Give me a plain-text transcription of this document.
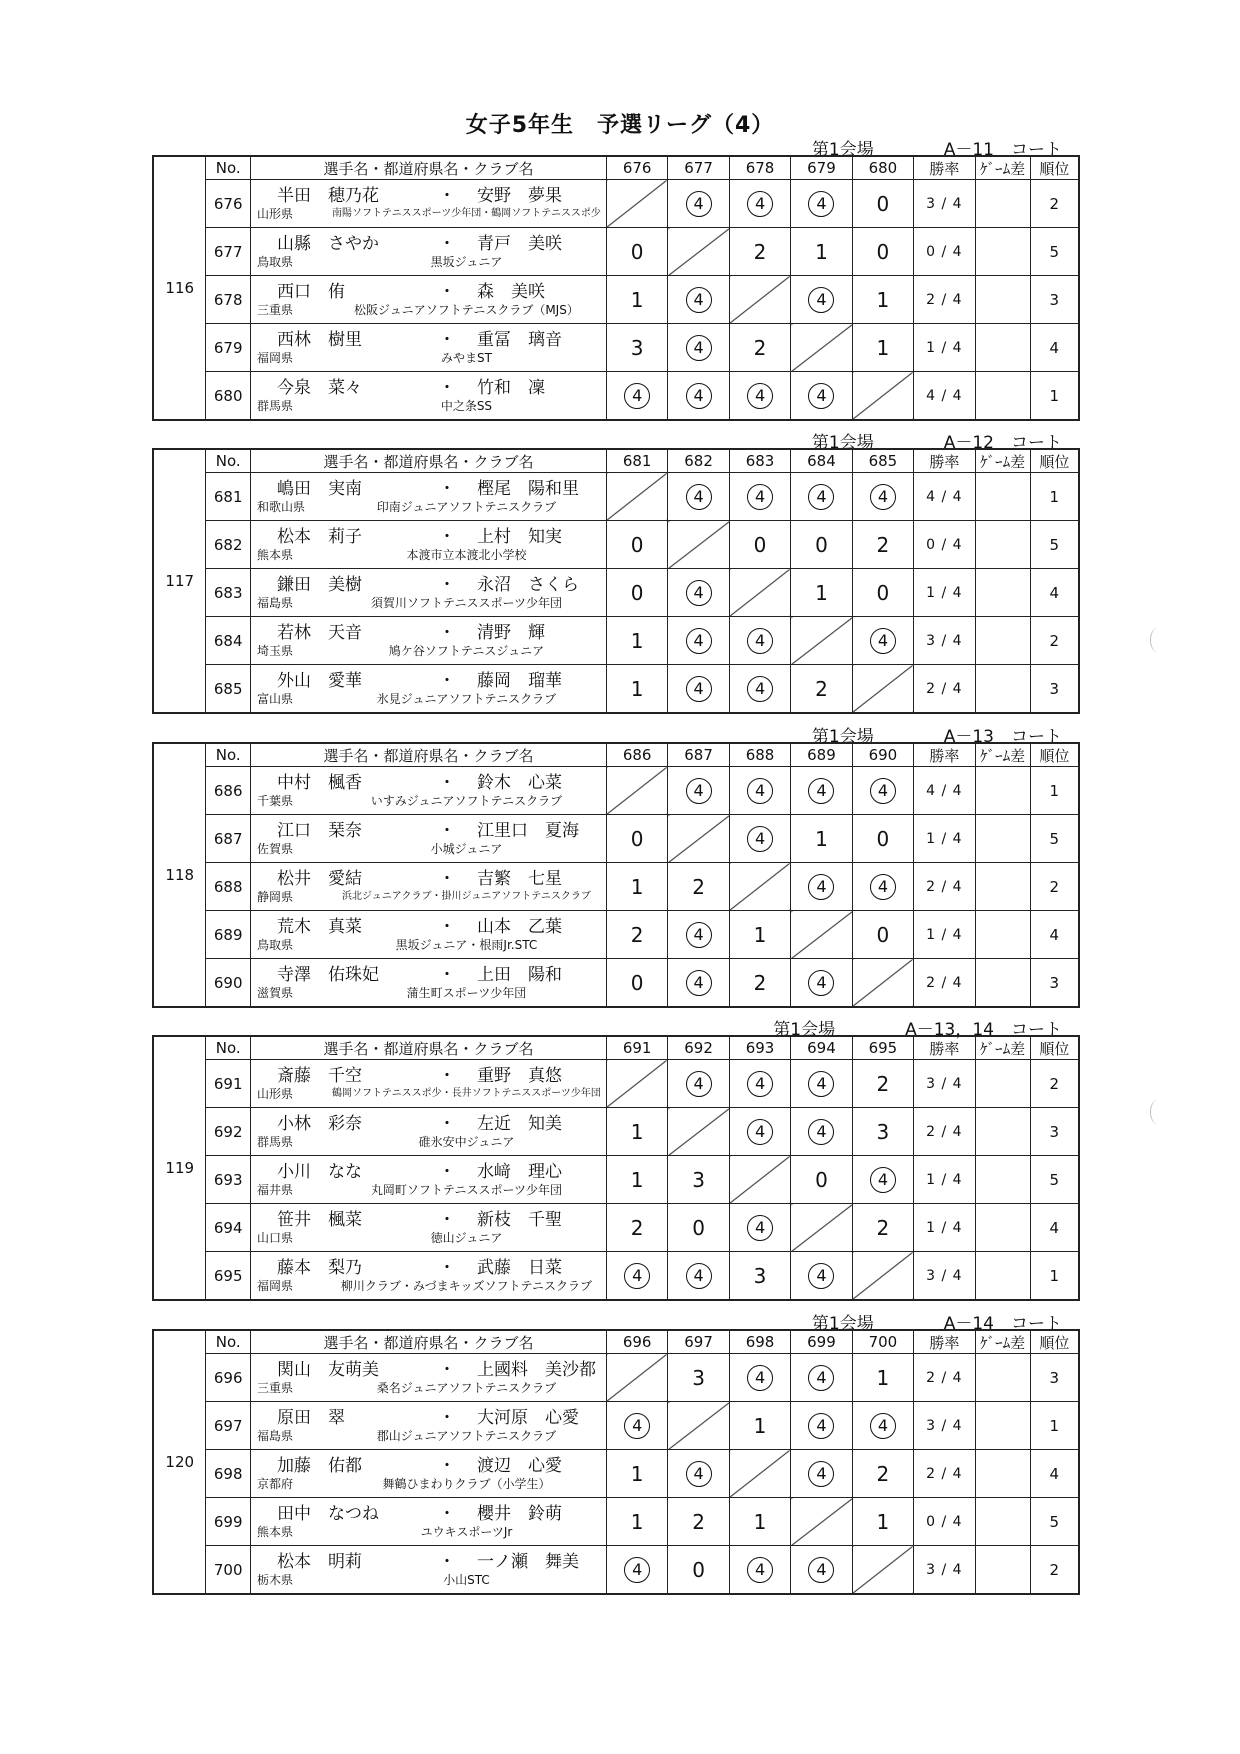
女子5年生　予選リーグ（4）
第1会場	A－11　コート
116	No.	選手名・都道府県名・クラブ名	676	677	678	679	680	勝率	ｹﾞｰﾑ差	順位
	676	半田　穂乃花 ・ 安野　夢果
山形県 南陽ソフトテニススポーツ少年団・鶴岡ソフトテニススポ少		4	4	4	0	3 / 4		2
	677	山縣　さやか ・ 青戸　美咲
鳥取県 黒坂ジュニア	0		2	1	0	0 / 4		5
	678	西口　侑 ・ 森　美咲
三重県 松阪ジュニアソフトテニスクラブ（MJS）	1	4		4	1	2 / 4		3
	679	西林　樹里 ・ 重冨　璃音
福岡県 みやまST	3	4	2		1	1 / 4		4
	680	今泉　菜々 ・ 竹和　凜
群馬県 中之条SS	4	4	4	4		4 / 4		1
第1会場	A－12　コート
117	No.	選手名・都道府県名・クラブ名	681	682	683	684	685	勝率	ｹﾞｰﾑ差	順位
	681	嶋田　実南 ・ 樫尾　陽和里
和歌山県 印南ジュニアソフトテニスクラブ		4	4	4	4	4 / 4		1
	682	松本　莉子 ・ 上村　知実
熊本県 本渡市立本渡北小学校	0		0	0	2	0 / 4		5
	683	鎌田　美樹 ・ 永沼　さくら
福島県 須賀川ソフトテニススポーツ少年団	0	4		1	0	1 / 4		4
	684	若林　天音 ・ 清野　輝
埼玉県 鳩ケ谷ソフトテニスジュニア	1	4	4		4	3 / 4		2
	685	外山　愛華 ・ 藤岡　瑠華
富山県 氷見ジュニアソフトテニスクラブ	1	4	4	2		2 / 4		3
第1会場	A－13　コート
118	No.	選手名・都道府県名・クラブ名	686	687	688	689	690	勝率	ｹﾞｰﾑ差	順位
	686	中村　楓香 ・ 鈴木　心菜
千葉県 いすみジュニアソフトテニスクラブ		4	4	4	4	4 / 4		1
	687	江口　琹奈 ・ 江里口　夏海
佐賀県 小城ジュニア	0		4	1	0	1 / 4		5
	688	松井　愛結 ・ 吉繁　七星
静岡県 浜北ジュニアクラブ・掛川ジュニアソフトテニスクラブ	1	2		4	4	2 / 4		2
	689	荒木　真菜 ・ 山本　乙葉
鳥取県 黒坂ジュニア・根雨Jr.STC	2	4	1		0	1 / 4		4
	690	寺澤　佑珠妃 ・ 上田　陽和
滋賀県 蒲生町スポーツ少年団	0	4	2	4		2 / 4		3
第1会場	A－13，14　コート
119	No.	選手名・都道府県名・クラブ名	691	692	693	694	695	勝率	ｹﾞｰﾑ差	順位
	691	斎藤　千空 ・ 重野　真悠
山形県 鶴岡ソフトテニススポ少・長井ソフトテニススポーツ少年団		4	4	4	2	3 / 4		2
	692	小林　彩奈 ・ 左近　知美
群馬県 碓氷安中ジュニア	1		4	4	3	2 / 4		3
	693	小川　なな ・ 水﨑　理心
福井県 丸岡町ソフトテニススポーツ少年団	1	3		0	4	1 / 4		5
	694	笹井　楓菜 ・ 新枝　千聖
山口県 徳山ジュニア	2	0	4		2	1 / 4		4
	695	藤本　梨乃 ・ 武藤　日菜
福岡県 柳川クラブ・みづまキッズソフトテニスクラブ	4	4	3	4		3 / 4		1
第1会場	A－14　コート
120	No.	選手名・都道府県名・クラブ名	696	697	698	699	700	勝率	ｹﾞｰﾑ差	順位
	696	関山　友萌美 ・ 上國料　美沙都
三重県 桑名ジュニアソフトテニスクラブ		3	4	4	1	2 / 4		3
	697	原田　翠 ・ 大河原　心愛
福島県 郡山ジュニアソフトテニスクラブ	4		1	4	4	3 / 4		1
	698	加藤　佑都 ・ 渡辺　心愛
京都府 舞鶴ひまわりクラブ（小学生）	1	4		4	2	2 / 4		4
	699	田中　なつね ・ 櫻井　鈴萌
熊本県 ユウキスポーツJr	1	2	1		1	0 / 4		5
	700	松本　明莉 ・ 一ノ瀬　舞美
栃木県 小山STC	4	0	4	4		3 / 4		2
